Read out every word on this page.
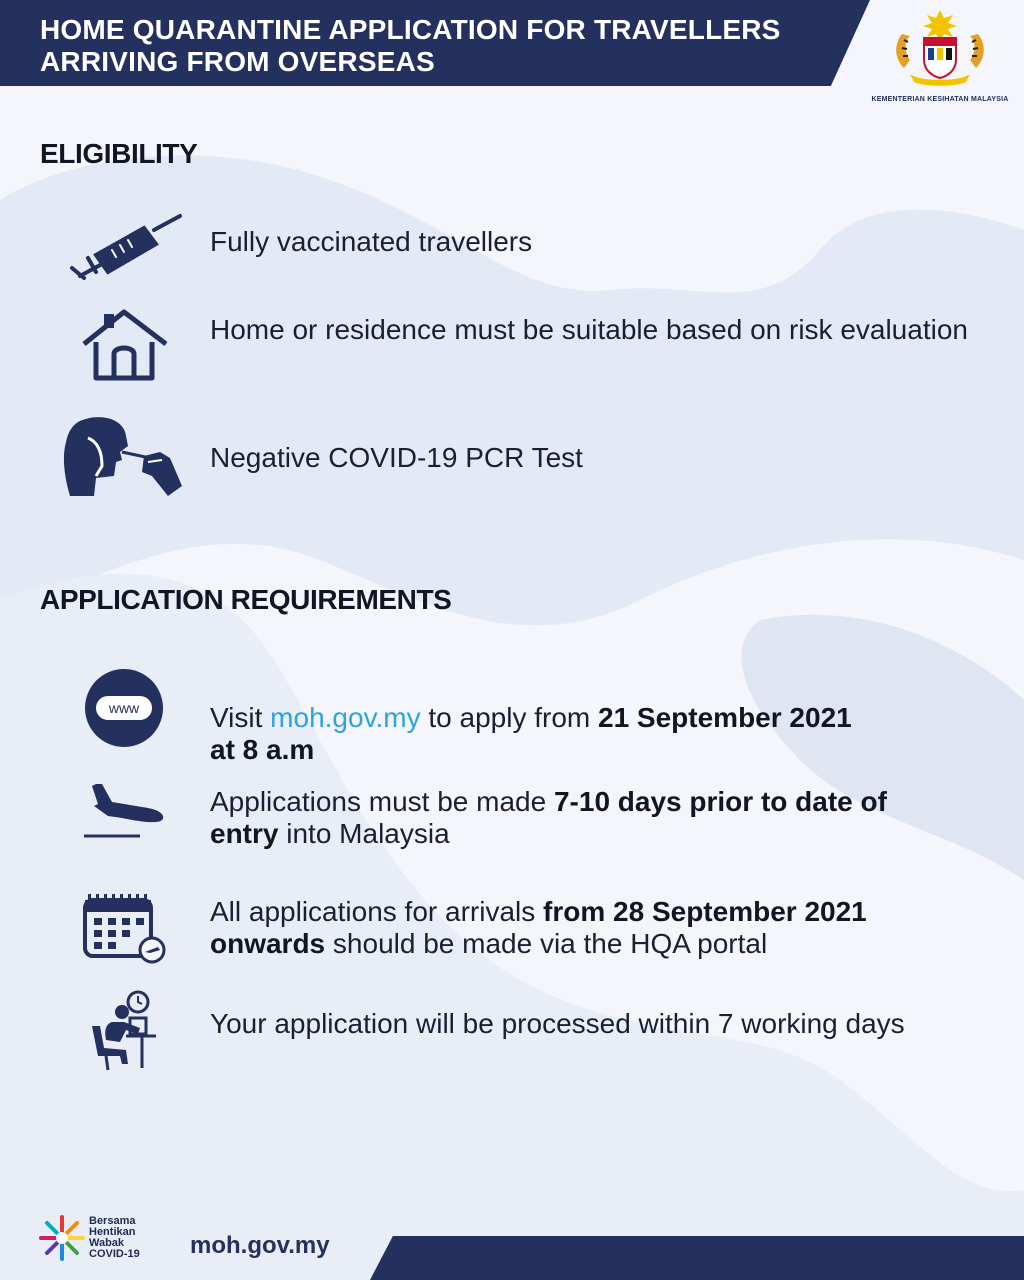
HOME QUARANTINE APPLICATION FOR TRAVELLERS
ARRIVING FROM OVERSEAS
KEMENTERIAN KESIHATAN MALAYSIA
ELIGIBILITY
Fully vaccinated travellers
Home or residence must be suitable based on risk evaluation
Negative COVID-19 PCR Test
APPLICATION REQUIREMENTS
www	Visit moh.gov.my to apply from 21 September 2021
at 8 a.m
Applications must be made 7-10 days prior to date of
entry into Malaysia
All applications for arrivals from 28 September 2021
onwards should be made via the HQA portal
Your application will be processed within 7 working days
Bersama
Hentikan
Wabak
COVID-19	moh.gov.my
